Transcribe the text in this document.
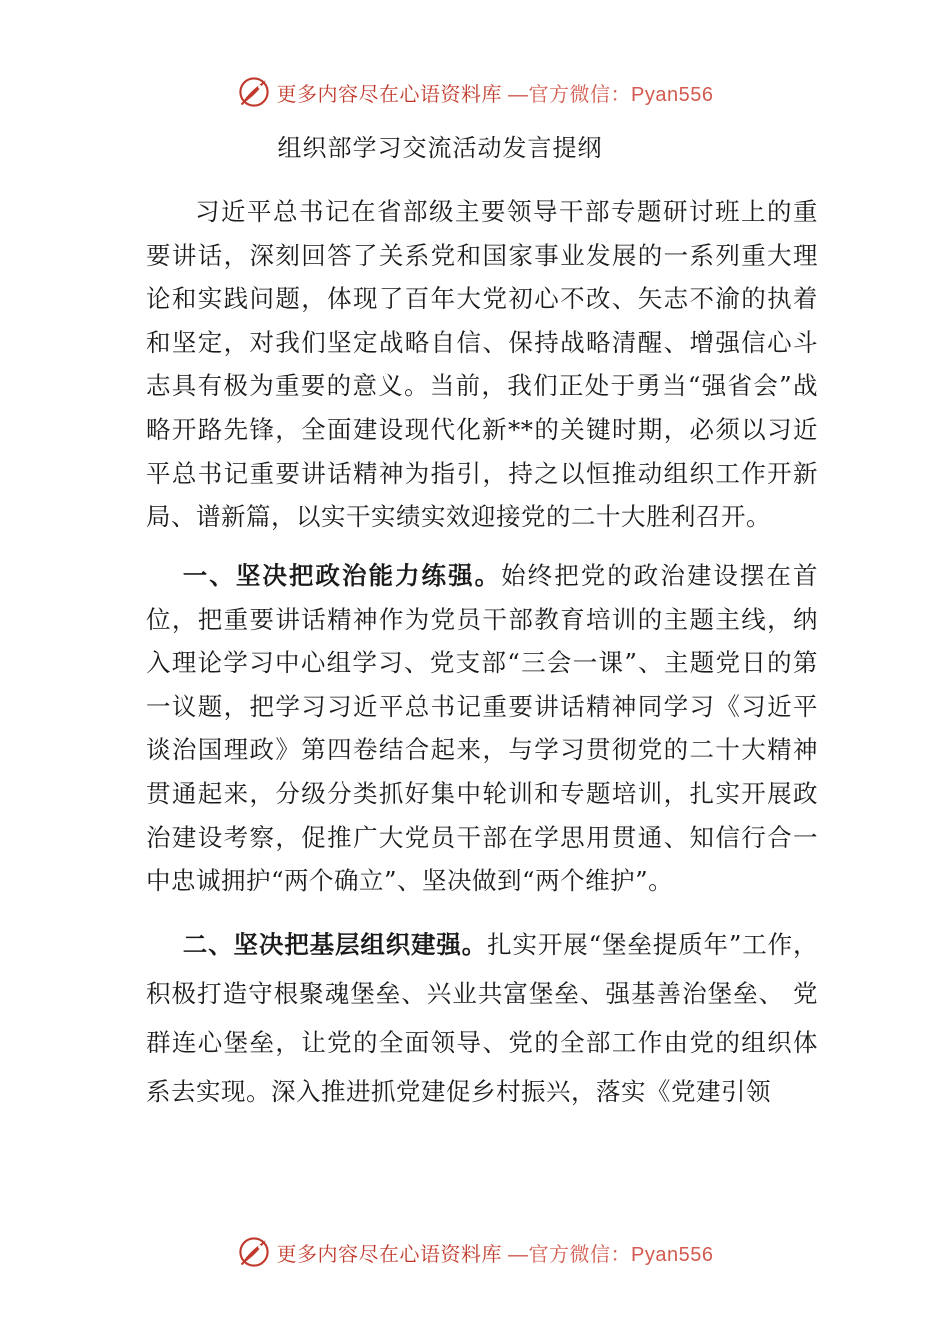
更多内容尽在心语资料库 —官方微信：Pyan556
组织部学习交流活动发言提纲

习近平总书记在省部级主要领导干部专题研讨班上的重要讲话，深刻回答了关系党和国家事业发展的一系列重大理论和实践问题，体现了百年大党初心不改、矢志不渝的执着和坚定，对我们坚定战略自信、保持战略清醒、增强信心斗志具有极为重要的意义。当前，我们正处于勇当“强省会”战略开路先锋，全面建设现代化新**的关键时期，必须以习近平总书记重要讲话精神为指引，持之以恒推动组织工作开新局、谱新篇，以实干实绩实效迎接党的二十大胜利召开。

一、坚决把政治能力练强。始终把党的政治建设摆在首位，把重要讲话精神作为党员干部教育培训的主题主线，纳入理论学习中心组学习、党支部“三会一课”、主题党日的第一议题，把学习习近平总书记重要讲话精神同学习《习近平谈治国理政》第四卷结合起来，与学习贯彻党的二十大精神贯通起来，分级分类抓好集中轮训和专题培训，扎实开展政治建设考察，促推广大党员干部在学思用贯通、知信行合一中忠诚拥护“两个确立”、坚决做到“两个维护”。

二、坚决把基层组织建强。扎实开展“堡垒提质年”工作，积极打造守根聚魂堡垒、兴业共富堡垒、强基善治堡垒、 党群连心堡垒，让党的全面领导、党的全部工作由党的组织体系去实现。深入推进抓党建促乡村振兴，落实《党建引领

更多内容尽在心语资料库 —官方微信：Pyan556
